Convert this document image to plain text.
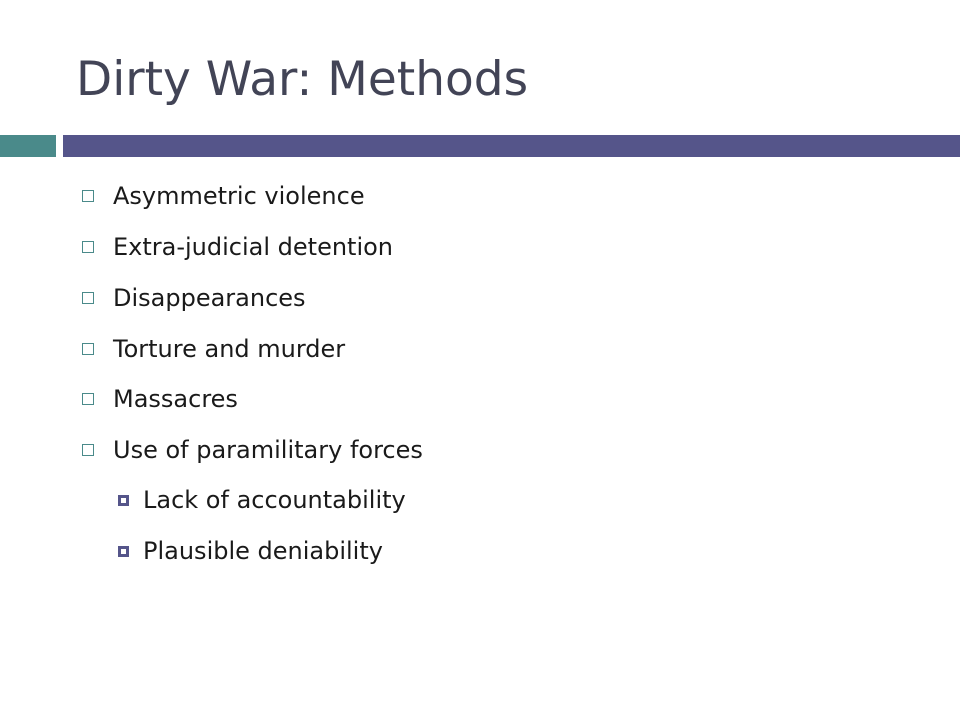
Dirty War: Methods
Asymmetric violence
Extra-judicial detention
Disappearances
Torture and murder
Massacres
Use of paramilitary forces
Lack of accountability
Plausible deniability
